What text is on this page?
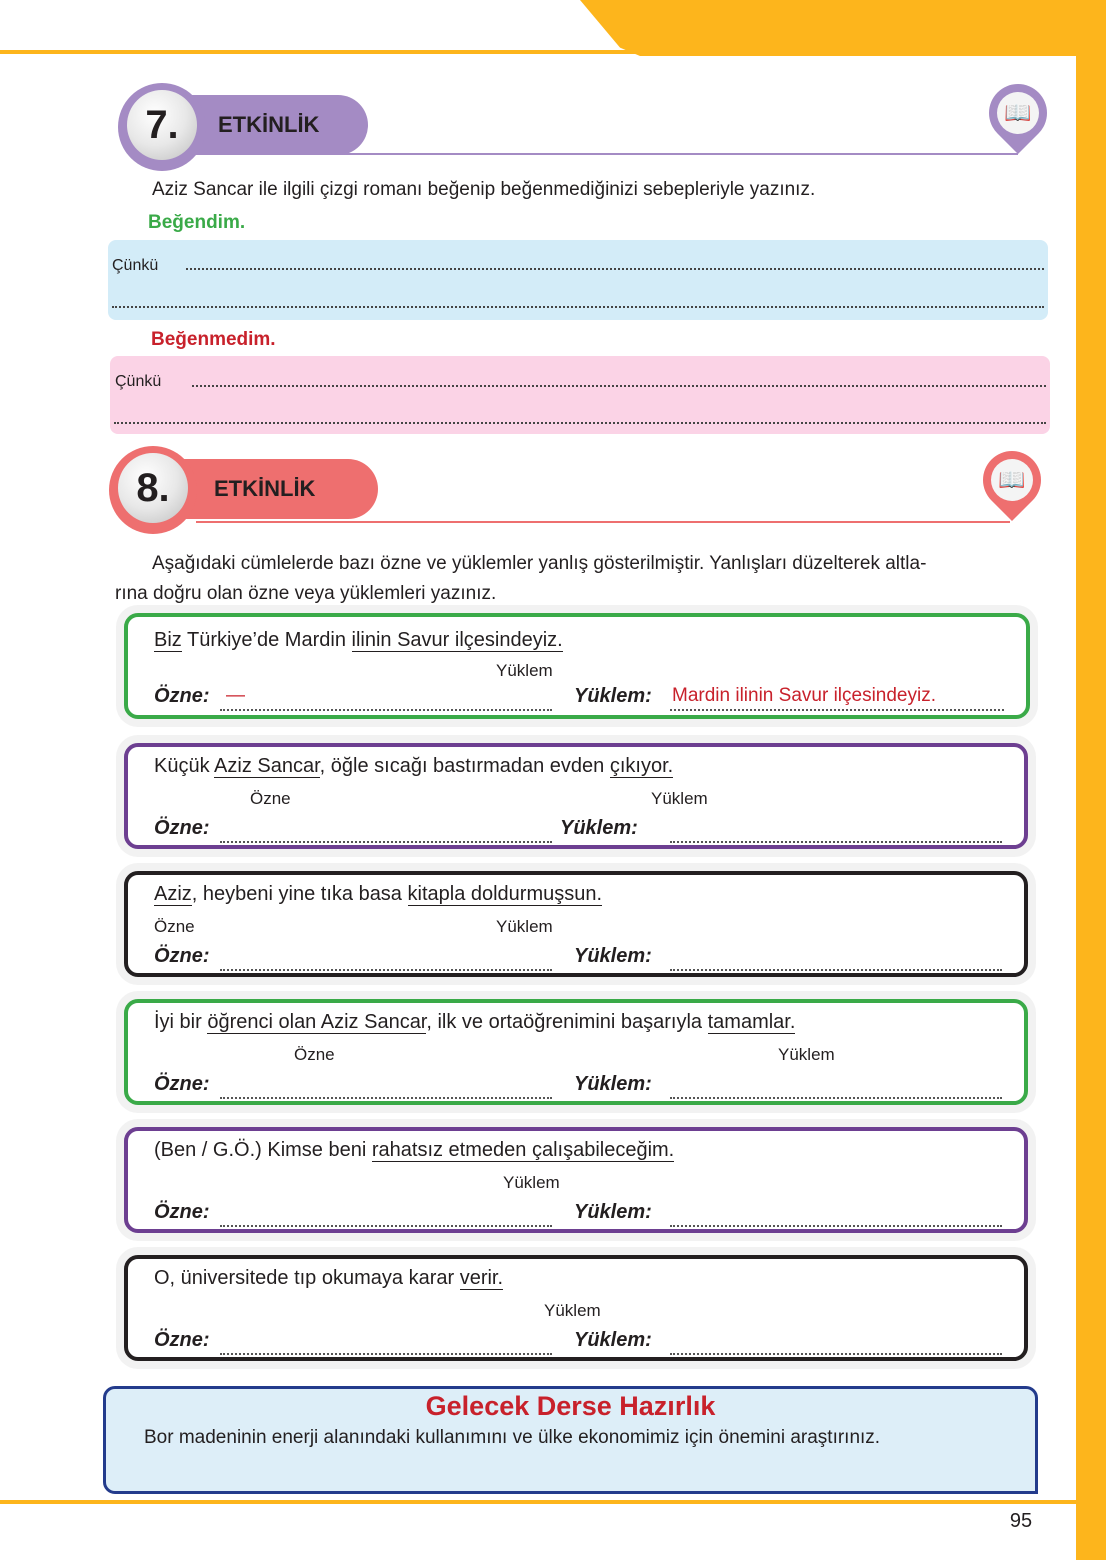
ETKİNLİK
7.	📖
Aziz Sancar ile ilgili çizgi romanı beğenip beğenmediğinizi sebepleriyle yazınız.
Beğendim.
Çünkü
Beğenmedim.
Çünkü
ETKİNLİK
8.	📖
Aşağıdaki cümlelerde bazı özne ve yüklemler yanlış gösterilmiştir. Yanlışları düzelterek altla-
rına doğru olan özne veya yüklemleri yazınız.
Biz Türkiye’de Mardin ilinin Savur ilçesindeyiz.
Yüklem
Özne: —	Yüklem: Mardin ilinin Savur ilçesindeyiz.
Küçük Aziz Sancar, öğle sıcağı bastırmadan evden çıkıyor.
Özne	Yüklem
Özne:	Yüklem:
Aziz, heybeni yine tıka basa kitapla doldurmuşsun.
Özne	Yüklem
Özne:	Yüklem:
İyi bir öğrenci olan Aziz Sancar, ilk ve ortaöğrenimini başarıyla tamamlar.
Özne	Yüklem
Özne:	Yüklem:
(Ben / G.Ö.) Kimse beni rahatsız etmeden çalışabileceğim.
Yüklem
Özne:	Yüklem:
O, üniversitede tıp okumaya karar verir.
Yüklem
Özne:	Yüklem:
Gelecek Derse Hazırlık
Bor madeninin enerji alanındaki kullanımını ve ülke ekonomimiz için önemini araştırınız.
95
